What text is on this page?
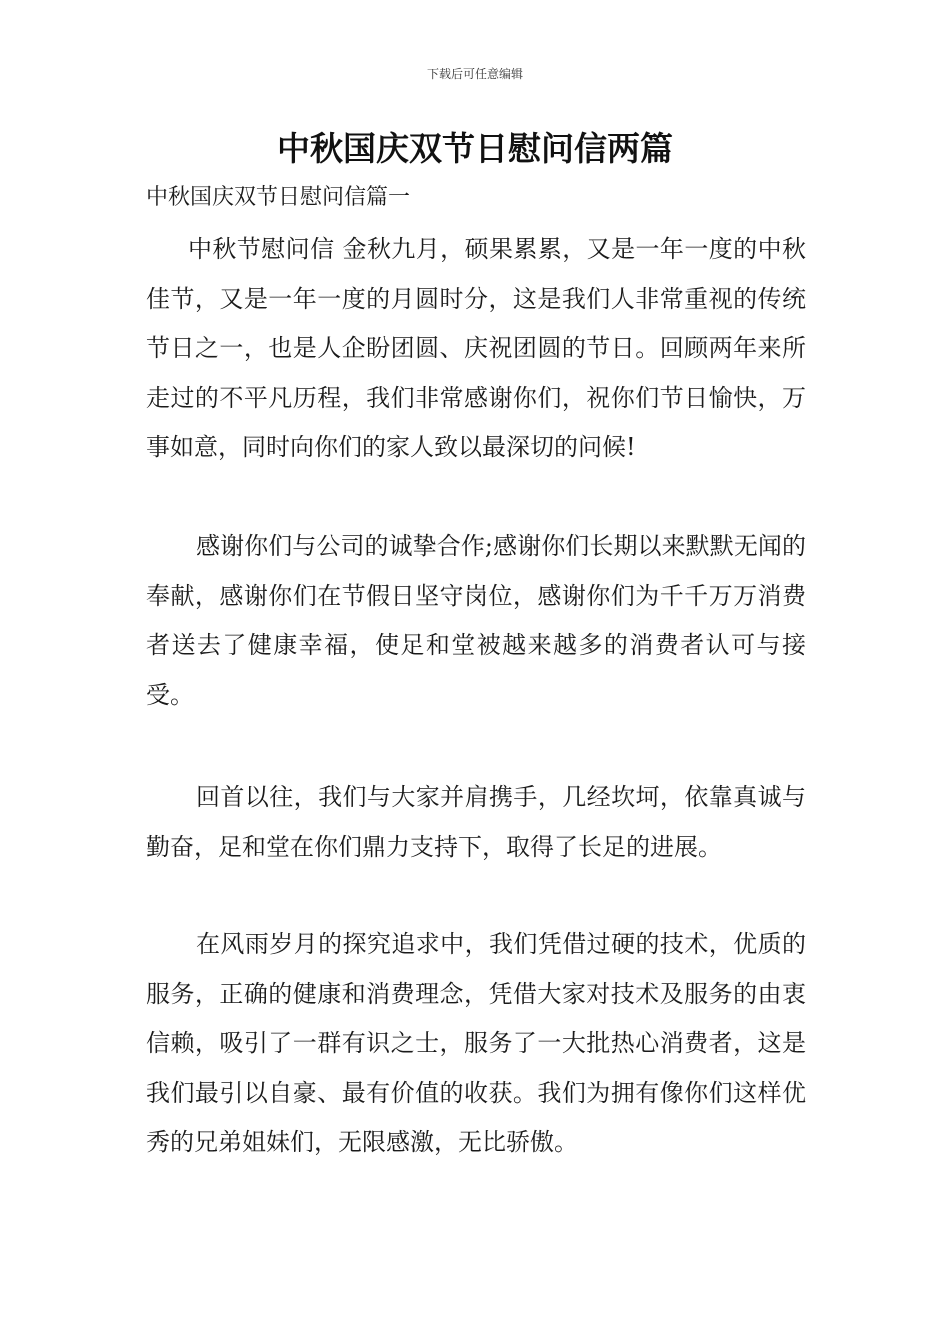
下载后可任意编辑
中秋国庆双节日慰问信两篇
中秋国庆双节日慰问信篇一

中秋节慰问信 金秋九月，硕果累累，又是一年一度的中秋佳节，又是一年一度的月圆时分，这是我们人非常重视的传统节日之一，也是人企盼团圆、庆祝团圆的节日。回顾两年来所走过的不平凡历程，我们非常感谢你们，祝你们节日愉快，万事如意，同时向你们的家人致以最深切的问候!

感谢你们与公司的诚挚合作;感谢你们长期以来默默无闻的奉献，感谢你们在节假日坚守岗位，感谢你们为千千万万消费者送去了健康幸福，使足和堂被越来越多的消费者认可与接受。

回首以往，我们与大家并肩携手，几经坎坷，依靠真诚与勤奋，足和堂在你们鼎力支持下，取得了长足的进展。

在风雨岁月的探究追求中，我们凭借过硬的技术，优质的服务，正确的健康和消费理念，凭借大家对技术及服务的由衷信赖，吸引了一群有识之士，服务了一大批热心消费者，这是我们最引以自豪、最有价值的收获。我们为拥有像你们这样优秀的兄弟姐妹们，无限感激，无比骄傲。
